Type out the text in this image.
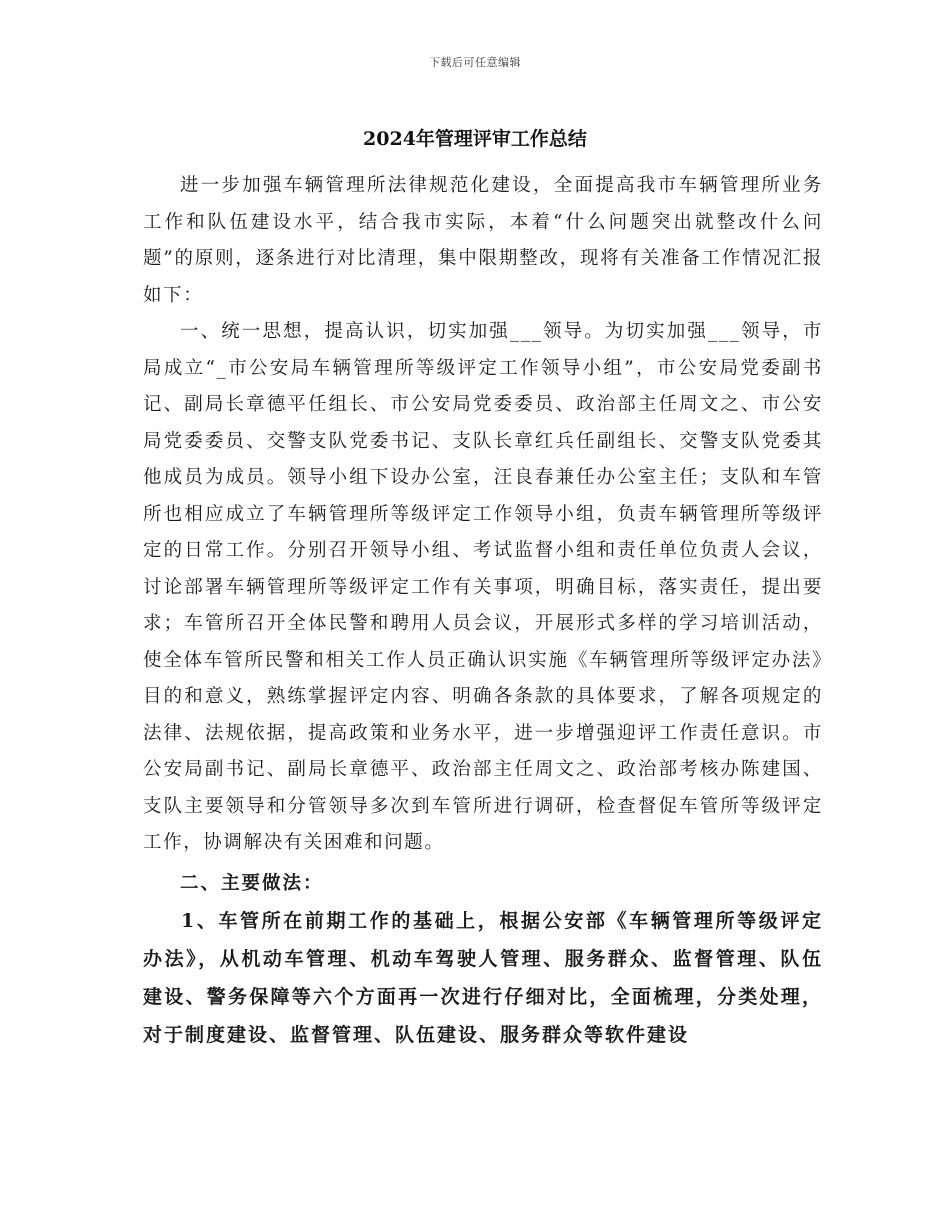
下载后可任意编辑
2024年管理评审工作总结

进一步加强车辆管理所法律规范化建设，全面提高我市车辆管理所业务工作和队伍建设水平，结合我市实际，本着“什么问题突出就整改什么问题”的原则，逐条进行对比清理，集中限期整改，现将有关准备工作情况汇报如下：

一、统一思想，提高认识，切实加强___领导。为切实加强___领导，市局成立“_市公安局车辆管理所等级评定工作领导小组”，市公安局党委副书记、副局长章德平任组长、市公安局党委委员、政治部主任周文之、市公安局党委委员、交警支队党委书记、支队长章红兵任副组长、交警支队党委其他成员为成员。领导小组下设办公室，汪良春兼任办公室主任；支队和车管所也相应成立了车辆管理所等级评定工作领导小组，负责车辆管理所等级评定的日常工作。分别召开领导小组、考试监督小组和责任单位负责人会议，讨论部署车辆管理所等级评定工作有关事项，明确目标，落实责任，提出要求；车管所召开全体民警和聘用人员会议，开展形式多样的学习培训活动，使全体车管所民警和相关工作人员正确认识实施《车辆管理所等级评定办法》目的和意义，熟练掌握评定内容、明确各条款的具体要求，了解各项规定的法律、法规依据，提高政策和业务水平，进一步增强迎评工作责任意识。市公安局副书记、副局长章德平、政治部主任周文之、政治部考核办陈建国、支队主要领导和分管领导多次到车管所进行调研，检查督促车管所等级评定工作，协调解决有关困难和问题。

二、主要做法：

1、车管所在前期工作的基础上，根据公安部《车辆管理所等级评定办法》，从机动车管理、机动车驾驶人管理、服务群众、监督管理、队伍建设、警务保障等六个方面再一次进行仔细对比，全面梳理，分类处理，对于制度建设、监督管理、队伍建设、服务群众等软件建设
